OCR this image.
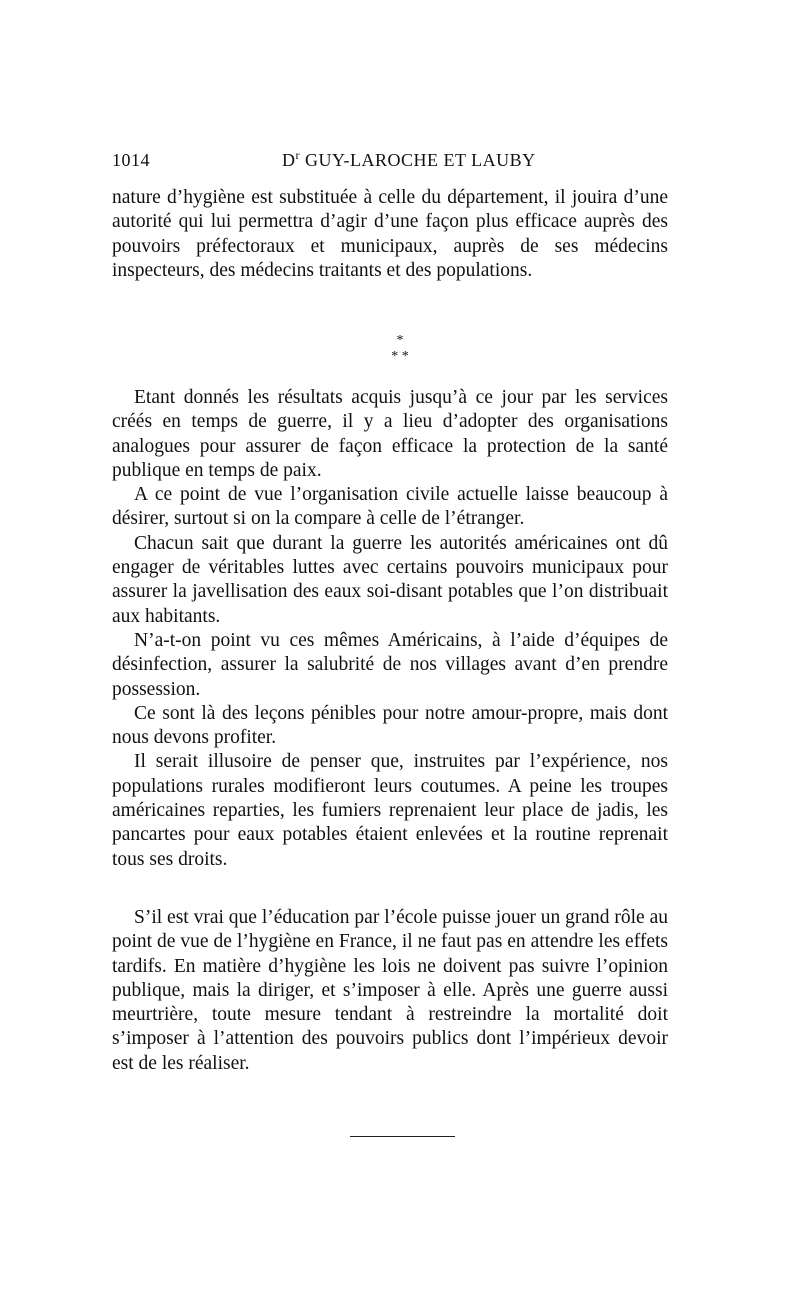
1014	$D^r$ GUY-LAROCHE ET LAUBY

nature d’hygiène est substituée à celle du département, il jouira d’une autorité qui lui permettra d’agir d’une façon plus efficace auprès des pouvoirs préfectoraux et municipaux, auprès de ses médecins inspecteurs, des médecins traitants et des populations.

*
* *

Etant donnés les résultats acquis jusqu’à ce jour par les services créés en temps de guerre, il y a lieu d’adopter des organisations analogues pour assurer de façon efficace la protection de la santé publique en temps de paix.

A ce point de vue l’organisation civile actuelle laisse beaucoup à désirer, surtout si on la compare à celle de l’étranger.

Chacun sait que durant la guerre les autorités américaines ont dû engager de véritables luttes avec certains pouvoirs municipaux pour assurer la javellisation des eaux soi-disant potables que l’on distribuait aux habitants.

N’a-t-on point vu ces mêmes Américains, à l’aide d’équipes de désinfection, assurer la salubrité de nos villages avant d’en prendre possession.

Ce sont là des leçons pénibles pour notre amour-propre, mais dont nous devons profiter.

Il serait illusoire de penser que, instruites par l’expérience, nos populations rurales modifieront leurs coutumes. A peine les troupes américaines reparties, les fumiers reprenaient leur place de jadis, les pancartes pour eaux potables étaient enlevées et la routine reprenait tous ses droits.

S’il est vrai que l’éducation par l’école puisse jouer un grand rôle au point de vue de l’hygiène en France, il ne faut pas en attendre les effets tardifs. En matière d’hygiène les lois ne doivent pas suivre l’opinion publique, mais la diriger, et s’imposer à elle. Après une guerre aussi meurtrière, toute mesure tendant à restreindre la mortalité doit s’imposer à l’attention des pouvoirs publics dont l’impérieux devoir est de les réaliser.
